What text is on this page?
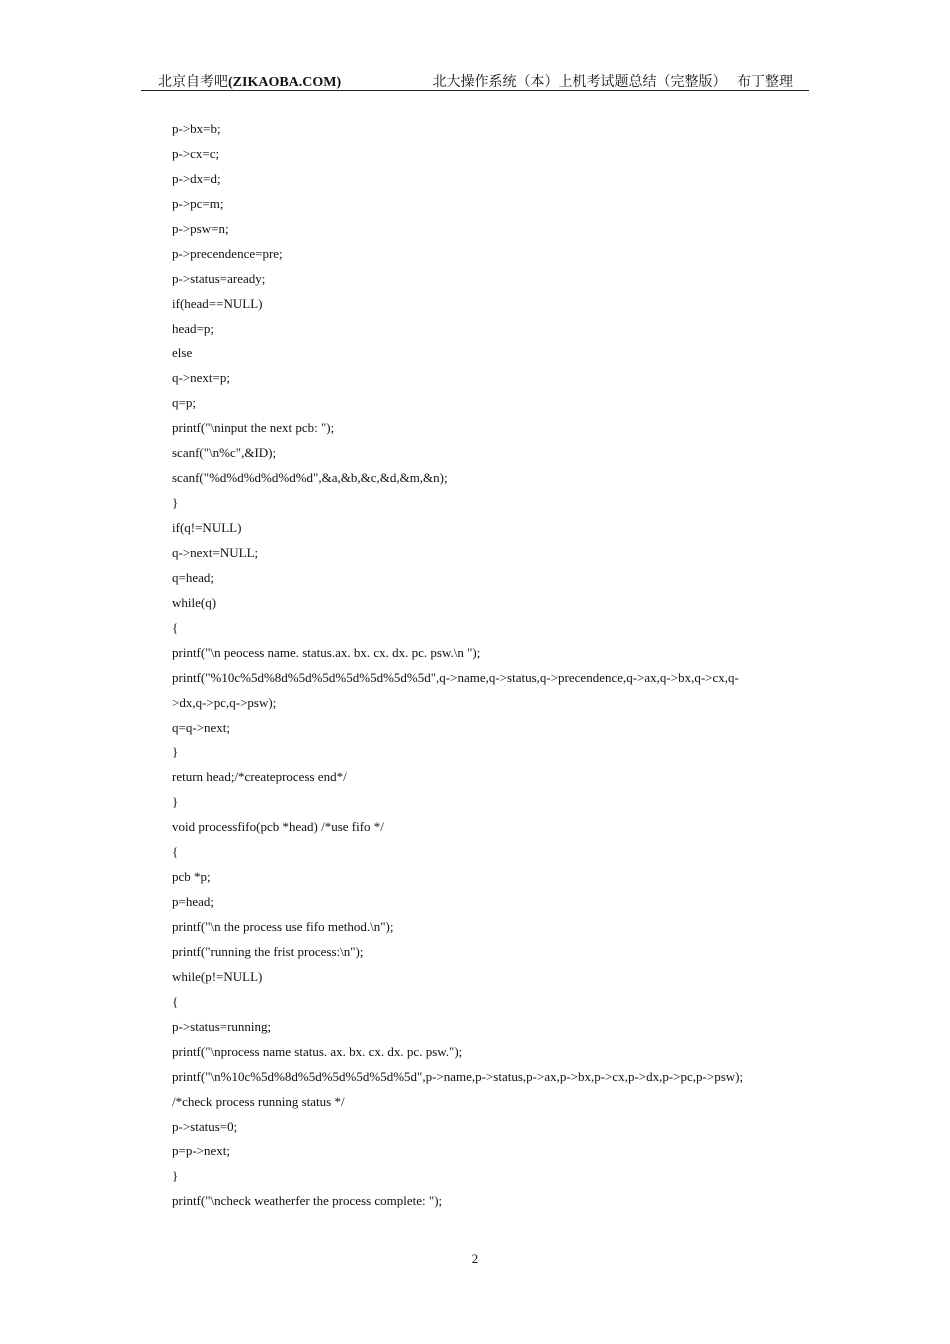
北京自考吧(ZIKAOBA.COM)	北大操作系统（本）上机考试题总结（完整版） 布丁整理
p->bx=b;
p->cx=c;
p->dx=d;
p->pc=m;
p->psw=n;
p->precendence=pre;
p->status=aready;
if(head==NULL)
head=p;
else
q->next=p;
q=p;
printf("\ninput the next pcb: ");
scanf("\n%c",&ID);
scanf("%d%d%d%d%d%d",&a,&b,&c,&d,&m,&n);
}
if(q!=NULL)
q->next=NULL;
q=head;
while(q)
{
printf("\n peocess name. status.ax. bx. cx. dx. pc. psw.\n ");
printf("%10c%5d%8d%5d%5d%5d%5d%5d%5d",q->name,q->status,q->precendence,q->ax,q->bx,q->cx,q-
>dx,q->pc,q->psw);
q=q->next;
}
return head;/*createprocess end*/
}
void processfifo(pcb *head) /*use fifo */
{
pcb *p;
p=head;
printf("\n the process use fifo method.\n");
printf("running the frist process:\n");
while(p!=NULL)
{
p->status=running;
printf("\nprocess name status. ax. bx. cx. dx. pc. psw.");
printf("\n%10c%5d%8d%5d%5d%5d%5d%5d",p->name,p->status,p->ax,p->bx,p->cx,p->dx,p->pc,p->psw);
/*check process running status */
p->status=0;
p=p->next;
}
printf("\ncheck weatherfer the process complete: ");
2
